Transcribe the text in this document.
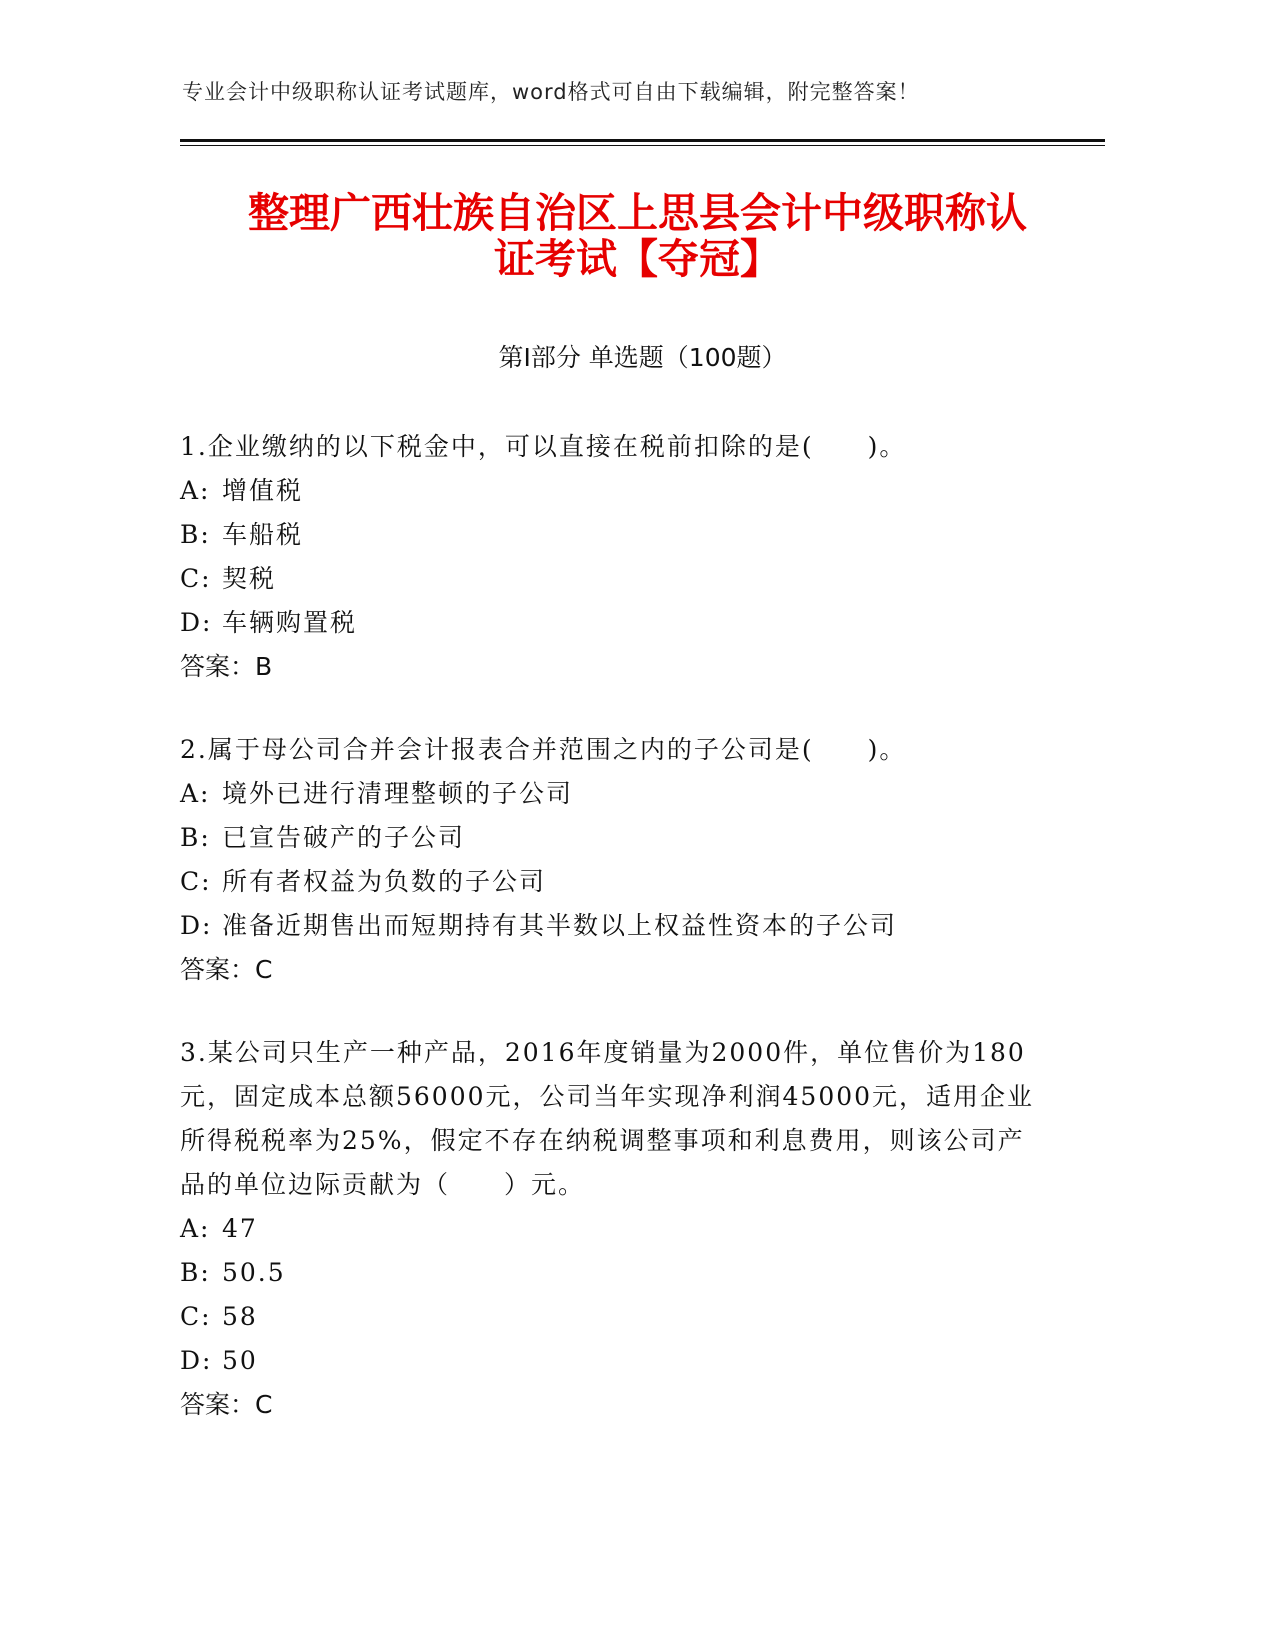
专业会计中级职称认证考试题库，word格式可自由下载编辑，附完整答案！
整理广西壮族自治区上思县会计中级职称认
证考试【夺冠】
第Ⅰ部分 单选题（100题）
1.企业缴纳的以下税金中，可以直接在税前扣除的是(　　)。
A: 增值税
B: 车船税
C: 契税
D: 车辆购置税
答案：B
2.属于母公司合并会计报表合并范围之内的子公司是(　　)。
A: 境外已进行清理整顿的子公司
B: 已宣告破产的子公司
C: 所有者权益为负数的子公司
D: 准备近期售出而短期持有其半数以上权益性资本的子公司
答案：C
3.某公司只生产一种产品，2016年度销量为2000件，单位售价为180元，固定成本总额56000元，公司当年实现净利润45000元，适用企业所得税税率为25%，假定不存在纳税调整事项和利息费用，则该公司产品的单位边际贡献为（　　）元。
A: 47
B: 50.5
C: 58
D: 50
答案：C
